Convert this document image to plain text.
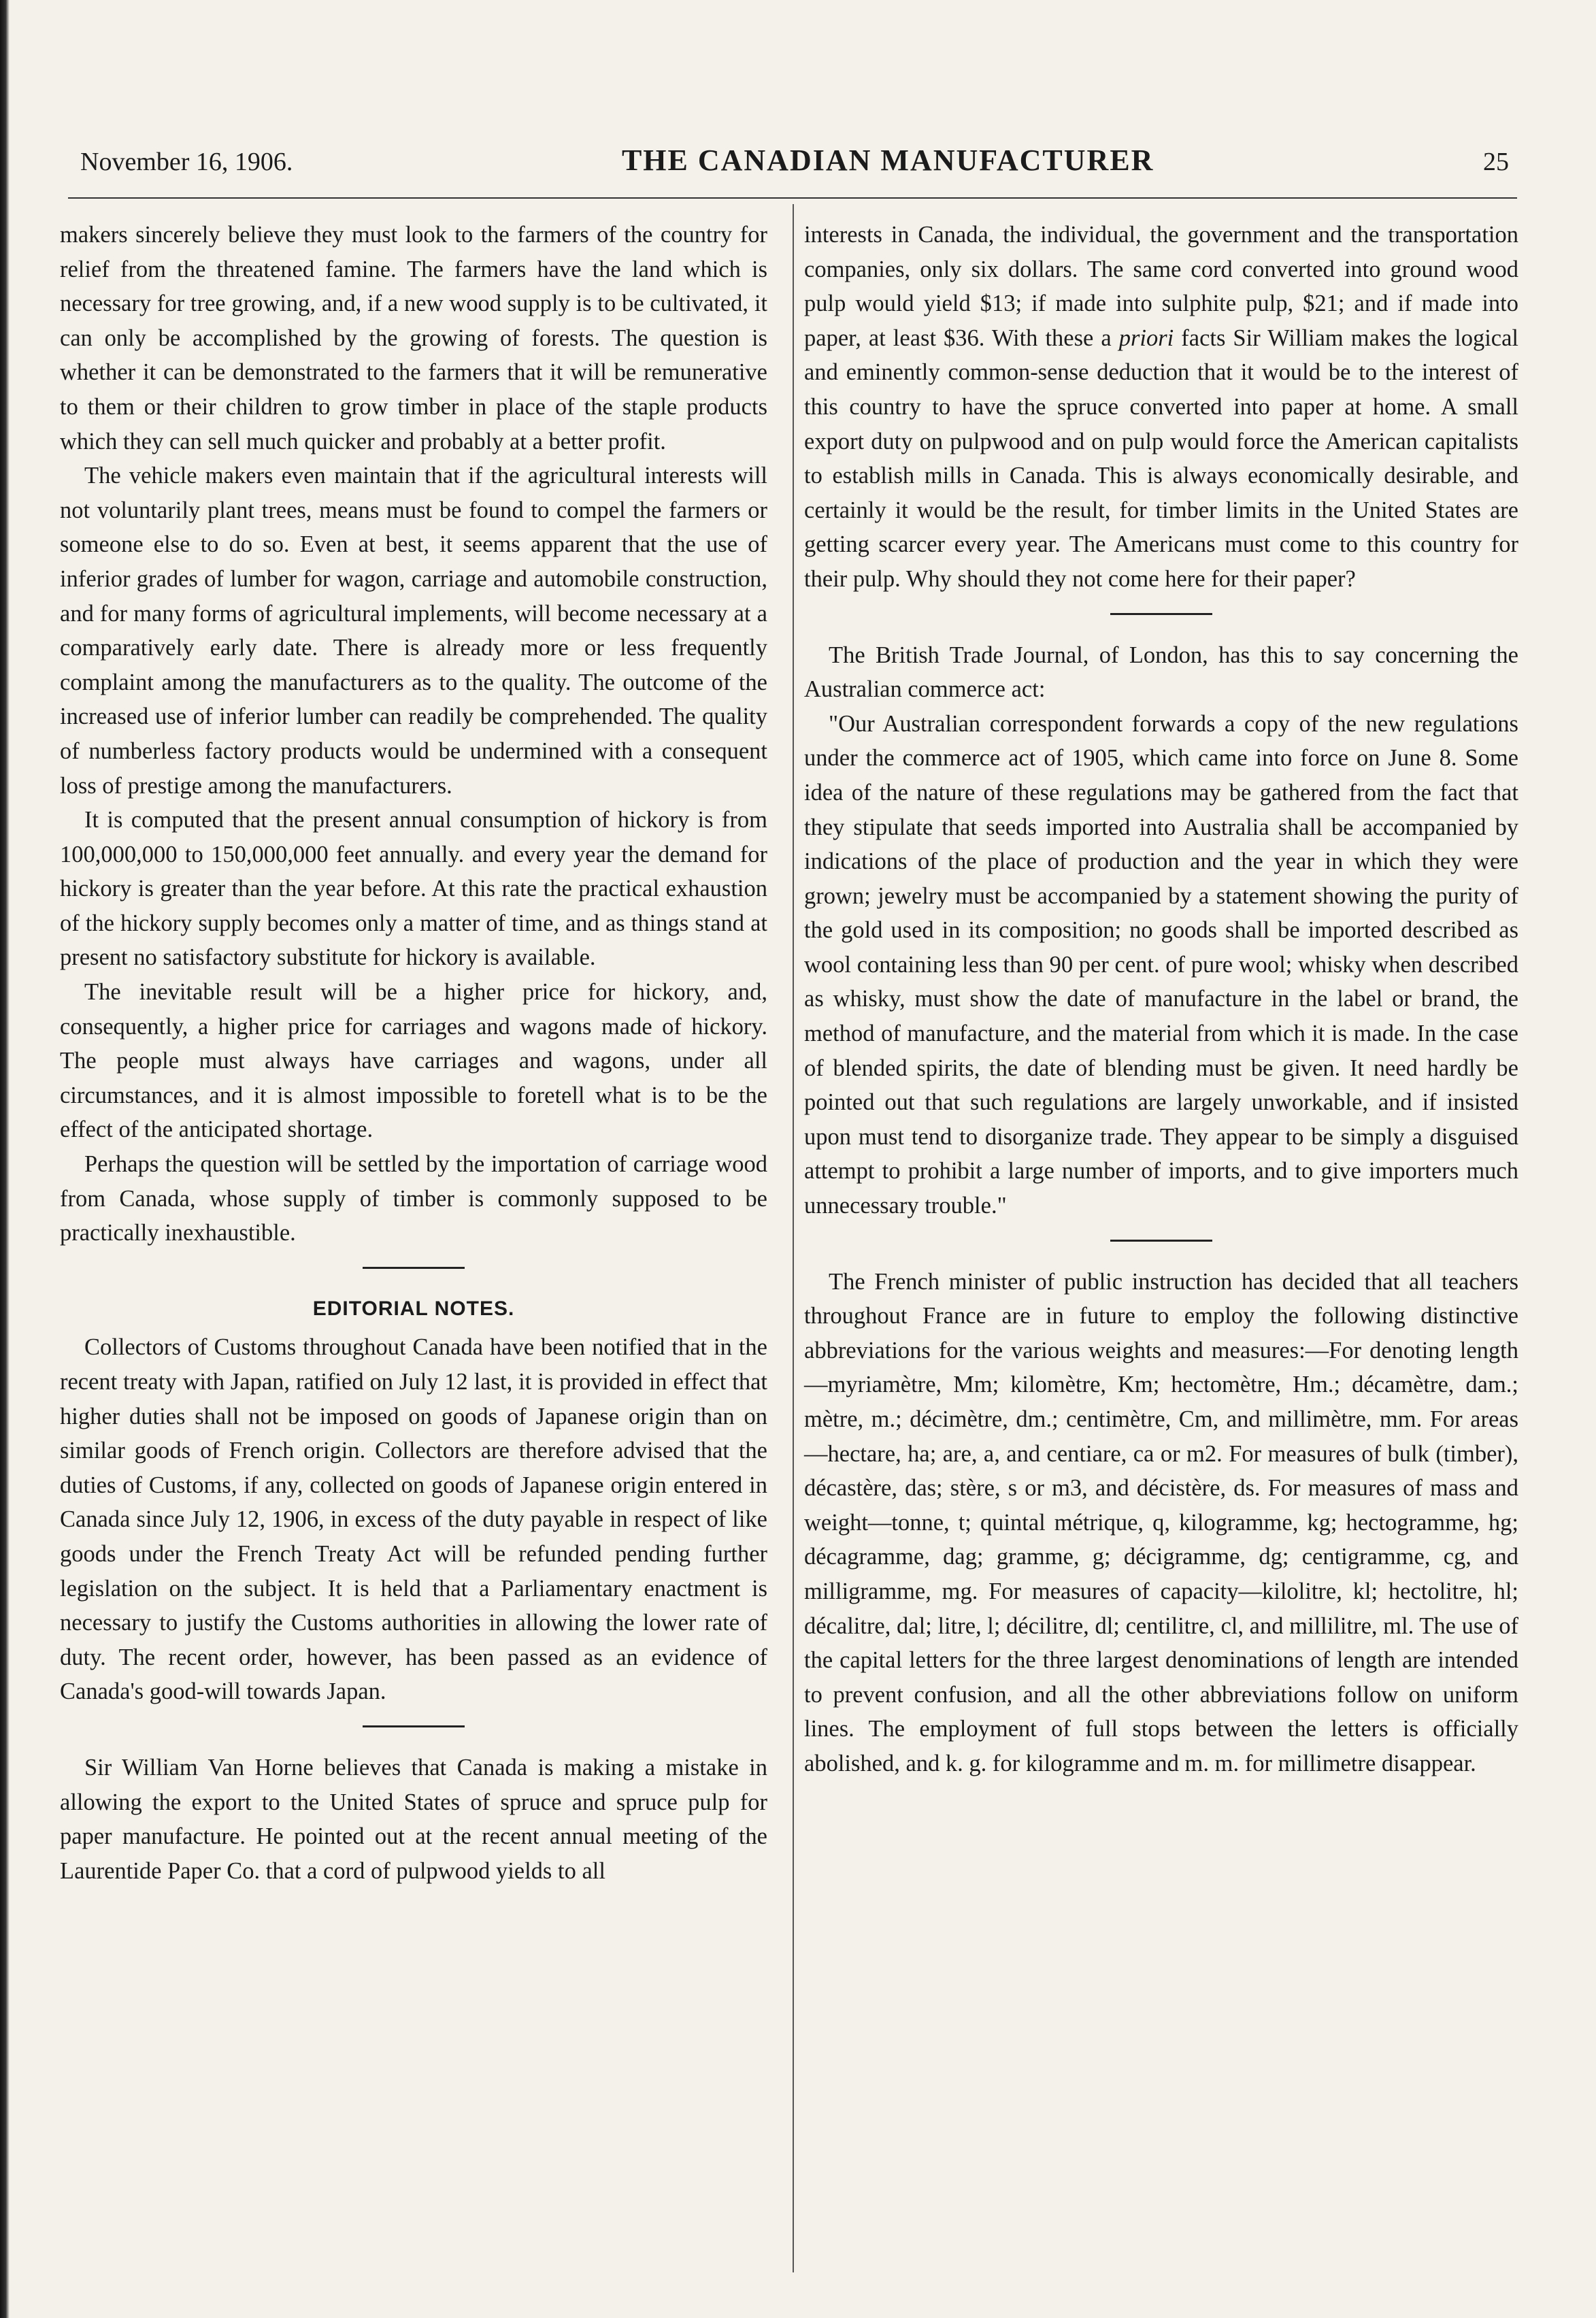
November 16, 1906.	THE CANADIAN MANUFACTURER	25

makers sincerely believe they must look to the farmers of the country for relief from the threatened famine. The farmers have the land which is necessary for tree growing, and, if a new wood supply is to be cultivated, it can only be accomplished by the growing of forests. The question is whether it can be demonstrated to the farmers that it will be remunerative to them or their children to grow timber in place of the staple products which they can sell much quicker and probably at a better profit.

The vehicle makers even maintain that if the agricultural interests will not voluntarily plant trees, means must be found to compel the farmers or someone else to do so. Even at best, it seems apparent that the use of inferior grades of lumber for wagon, carriage and automobile construction, and for many forms of agricultural implements, will become necessary at a comparatively early date. There is already more or less frequently complaint among the manufacturers as to the quality. The outcome of the increased use of inferior lumber can readily be comprehended. The quality of numberless factory products would be undermined with a consequent loss of prestige among the manufacturers.

It is computed that the present annual consumption of hickory is from 100,000,000 to 150,000,000 feet annually. and every year the demand for hickory is greater than the year before. At this rate the practical exhaustion of the hickory supply becomes only a matter of time, and as things stand at present no satisfactory substitute for hickory is available.

The inevitable result will be a higher price for hickory, and, consequently, a higher price for carriages and wagons made of hickory. The people must always have carriages and wagons, under all circumstances, and it is almost impossible to foretell what is to be the effect of the anticipated shortage.

Perhaps the question will be settled by the importation of carriage wood from Canada, whose supply of timber is commonly supposed to be practically inexhaustible.

EDITORIAL NOTES.

Collectors of Customs throughout Canada have been notified that in the recent treaty with Japan, ratified on July 12 last, it is provided in effect that higher duties shall not be imposed on goods of Japanese origin than on similar goods of French origin. Collectors are therefore advised that the duties of Customs, if any, collected on goods of Japanese origin entered in Canada since July 12, 1906, in excess of the duty payable in respect of like goods under the French Treaty Act will be refunded pending further legislation on the subject. It is held that a Parliamentary enactment is necessary to justify the Customs authorities in allowing the lower rate of duty. The recent order, however, has been passed as an evidence of Canada's good-will towards Japan.

Sir William Van Horne believes that Canada is making a mistake in allowing the export to the United States of spruce and spruce pulp for paper manufacture. He pointed out at the recent annual meeting of the Laurentide Paper Co. that a cord of pulpwood yields to all

interests in Canada, the individual, the government and the transportation companies, only six dollars. The same cord converted into ground wood pulp would yield $13; if made into sulphite pulp, $21; and if made into paper, at least $36. With these a priori facts Sir William makes the logical and eminently common-sense deduction that it would be to the interest of this country to have the spruce converted into paper at home. A small export duty on pulpwood and on pulp would force the American capitalists to establish mills in Canada. This is always economically desirable, and certainly it would be the result, for timber limits in the United States are getting scarcer every year. The Americans must come to this country for their pulp. Why should they not come here for their paper?

The British Trade Journal, of London, has this to say concerning the Australian commerce act:

"Our Australian correspondent forwards a copy of the new regulations under the commerce act of 1905, which came into force on June 8. Some idea of the nature of these regulations may be gathered from the fact that they stipulate that seeds imported into Australia shall be accompanied by indications of the place of production and the year in which they were grown; jewelry must be accompanied by a statement showing the purity of the gold used in its composition; no goods shall be imported described as wool containing less than 90 per cent. of pure wool; whisky when described as whisky, must show the date of manufacture in the label or brand, the method of manufacture, and the material from which it is made. In the case of blended spirits, the date of blending must be given. It need hardly be pointed out that such regulations are largely unworkable, and if insisted upon must tend to disorganize trade. They appear to be simply a disguised attempt to prohibit a large number of imports, and to give importers much unnecessary trouble."

The French minister of public instruction has decided that all teachers throughout France are in future to employ the following distinctive abbreviations for the various weights and measures:—For denoting length—myriamètre, Mm; kilomètre, Km; hectomètre, Hm.; décamètre, dam.; mètre, m.; décimètre, dm.; centimètre, Cm, and millimètre, mm. For areas—hectare, ha; are, a, and centiare, ca or m2. For measures of bulk (timber), décastère, das; stère, s or m3, and décistère, ds. For measures of mass and weight—tonne, t; quintal métrique, q, kilogramme, kg; hectogramme, hg; décagramme, dag; gramme, g; décigramme, dg; centigramme, cg, and milligramme, mg. For measures of capacity—kilolitre, kl; hectolitre, hl; décalitre, dal; litre, l; décilitre, dl; centilitre, cl, and millilitre, ml. The use of the capital letters for the three largest denominations of length are intended to prevent confusion, and all the other abbreviations follow on uniform lines. The employment of full stops between the letters is officially abolished, and k. g. for kilogramme and m. m. for millimetre disappear.
